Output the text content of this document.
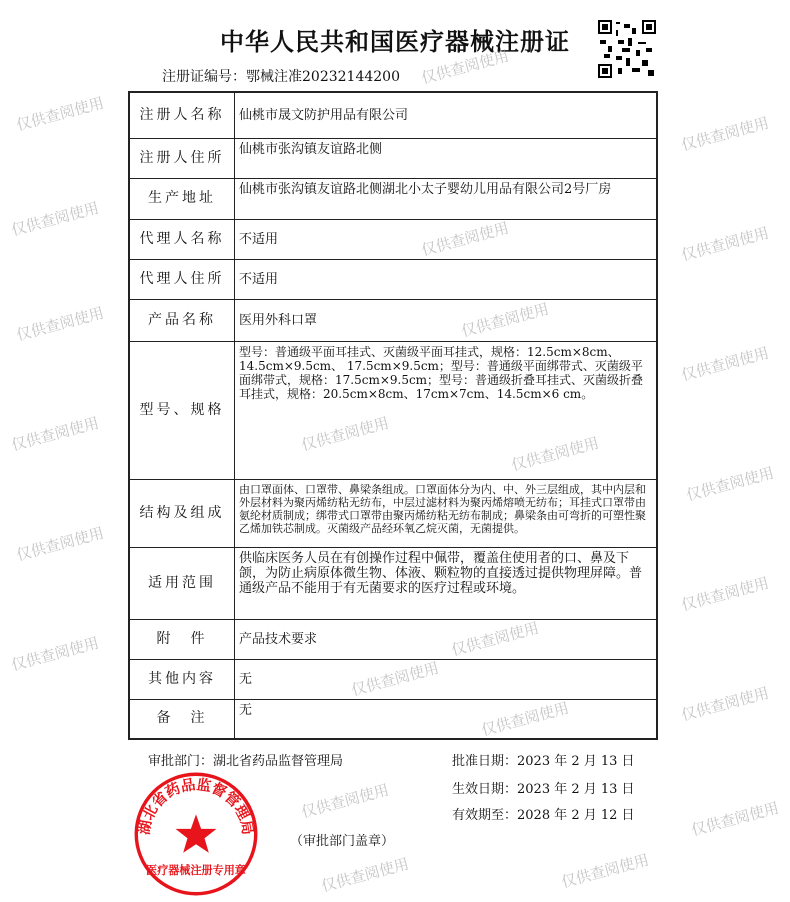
中华人民共和国医疗器械注册证
注册证编号：鄂械注准20232144200
注册人名称	仙桃市晟文防护用品有限公司
注册人住所	仙桃市张沟镇友谊路北侧
生产地址	仙桃市张沟镇友谊路北侧湖北小太子婴幼儿用品有限公司2号厂房
代理人名称	不适用
代理人住所	不适用
产品名称	医用外科口罩
型号、规格	型号：普通级平面耳挂式、灭菌级平面耳挂式，规格：12.5cm×8cm、 14.5cm×9.5cm、 17.5cm×9.5cm；型号：普通级平面绑带式、灭菌级平面绑带式，规格：17.5cm×9.5cm；型号：普通级折叠耳挂式、灭菌级折叠耳挂式，规格：20.5cm×8cm、17cm×7cm、14.5cm×6 cm。
结构及组成	由口罩面体、口罩带、鼻梁条组成。口罩面体分为内、中、外三层组成，其中内层和外层材料为聚丙烯纺粘无纺布，中层过滤材料为聚丙烯熔喷无纺布；耳挂式口罩带由氨纶材质制成；绑带式口罩带由聚丙烯纺粘无纺布制成；鼻梁条由可弯折的可塑性聚乙烯加铁芯制成。灭菌级产品经环氧乙烷灭菌，无菌提供。
适用范围	供临床医务人员在有创操作过程中佩带，覆盖住使用者的口、鼻及下颌，为防止病原体微生物、体液、颗粒物的直接透过提供物理屏障。普通级产品不能用于有无菌要求的医疗过程或环境。
附　件	产品技术要求
其他内容	无
备　注	无
审批部门：湖北省药品监督管理局
（审批部门盖章）
批准日期：2023 年 2 月 13 日
生效日期：2023 年 2 月 13 日
有效期至：2028 年 2 月 12 日
湖北省药品监督管理局
医疗器械注册专用章
仅供查阅使用
仅供查阅使用
仅供查阅使用
仅供查阅使用
仅供查阅使用
仅供查阅使用
仅供查阅使用
仅供查阅使用
仅供查阅使用
仅供查阅使用
仅供查阅使用
仅供查阅使用
仅供查阅使用
仅供查阅使用
仅供查阅使用
仅供查阅使用	仅供查阅使用
仅供查阅使用
仅供查阅使用
仅供查阅使用
仅供查阅使用
仅供查阅使用	仅供查阅使用
仅供查阅使用
